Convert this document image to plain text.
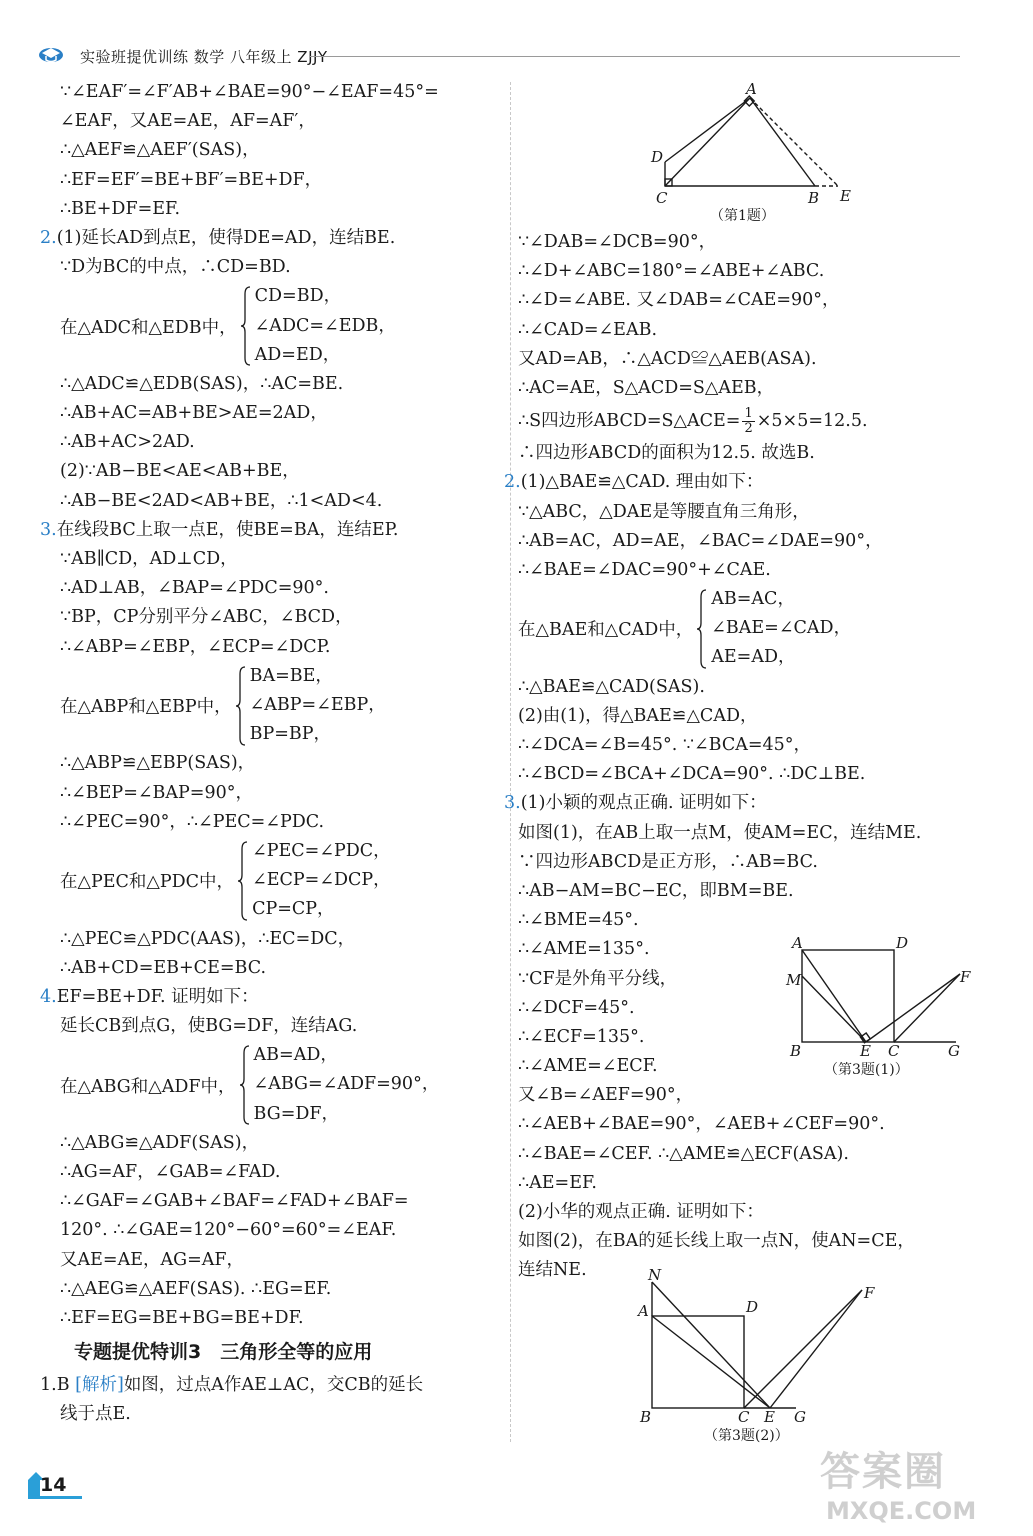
实验班提优训练 数学 八年级上 ZJJY
∵∠EAF′=∠F′AB+∠BAE=90°−∠EAF=45°=
∠EAF，又AE=AE，AF=AF′，
∴△AEF≌△AEF′(SAS)，
∴EF=EF′=BE+BF′=BE+DF，
∴BE+DF=EF.
2.(1)延长AD到点E，使得DE=AD，连结BE.
∵D为BC的中点，∴CD=BD.
在△ADC和△EDB中，
CD=BD，
∠ADC=∠EDB，
AD=ED，
∴△ADC≌△EDB(SAS)，∴AC=BE.
∴AB+AC=AB+BE>AE=2AD，
∴AB+AC>2AD.
(2)∵AB−BE<AE<AB+BE，
∴AB−BE<2AD<AB+BE，∴1<AD<4.
3.在线段BC上取一点E，使BE=BA，连结EP.
∵AB∥CD，AD⊥CD，
∴AD⊥AB，∠BAP=∠PDC=90°.
∵BP，CP分别平分∠ABC，∠BCD，
∴∠ABP=∠EBP，∠ECP=∠DCP.
在△ABP和△EBP中，
BA=BE，
∠ABP=∠EBP，
BP=BP，
∴△ABP≌△EBP(SAS)，
∴∠BEP=∠BAP=90°，
∴∠PEC=90°，∴∠PEC=∠PDC.
在△PEC和△PDC中，
∠PEC=∠PDC，
∠ECP=∠DCP，
CP=CP，
∴△PEC≌△PDC(AAS)，∴EC=DC，
∴AB+CD=EB+CE=BC.
4.EF=BE+DF. 证明如下：
延长CB到点G，使BG=DF，连结AG.
在△ABG和△ADF中，
AB=AD，
∠ABG=∠ADF=90°，
BG=DF，
∴△ABG≌△ADF(SAS)，
∴AG=AF，∠GAB=∠FAD.
∴∠GAF=∠GAB+∠BAF=∠FAD+∠BAF=
120°. ∴∠GAE=120°−60°=60°=∠EAF.
又AE=AE，AG=AF，
∴△AEG≌△AEF(SAS). ∴EG=EF.
∴EF=EG=BE+BG=BE+DF.
专题提优特训3　三角形全等的应用
1.B [解析]如图，过点A作AE⊥AC，交CB的延长
线于点E.
A
D
C	B E
（第1题）
∵∠DAB=∠DCB=90°，
∴∠D+∠ABC=180°=∠ABE+∠ABC.
∴∠D=∠ABE. 又∠DAB=∠CAE=90°，
∴∠CAD=∠EAB.
又AD=AB，∴△ACD≌△AEB(ASA).
∴AC=AE，S△ACD=S△AEB，
∴S四边形ABCD=S△ACE= $\frac{1}{2} \times 5\times 5=12.5$.
∴四边形ABCD的面积为12.5. 故选B.
2.(1)△BAE≌△CAD. 理由如下：
∵△ABC，△DAE是等腰直角三角形，
∴AB=AC，AD=AE，∠BAC=∠DAE=90°，
∴∠BAE=∠DAC=90°+∠CAE.
在△BAE和△CAD中，
AB=AC，
∠BAE=∠CAD，
AE=AD，
∴△BAE≌△CAD(SAS).
(2)由(1)，得△BAE≌△CAD，
∴∠DCA=∠B=45°. ∵∠BCA=45°，
∴∠BCD=∠BCA+∠DCA=90°. ∴DC⊥BE.
3.(1)小颖的观点正确. 证明如下：
如图(1)，在AB上取一点M，使AM=EC，连结ME.
∵四边形ABCD是正方形，∴AB=BC.
∴AB−AM=BC−EC，即BM=BE.
∴∠BME=45°.
∴∠AME=135°.
∵CF是外角平分线，
∴∠DCF=45°.
∴∠ECF=135°.
∴∠AME=∠ECF.
又∠B=∠AEF=90°，
∴∠AEB+∠BAE=90°，∠AEB+∠CEF=90°.
∴∠BAE=∠CEF. ∴△AME≌△ECF(ASA).
∴AE=EF.
(2)小华的观点正确. 证明如下：
如图(2)，在BA的延长线上取一点N，使AN=CE，
连结NE.
A	D
M	F
B	E C	G
（第3题(1)）
N
A	D
F
B	C E G
（第3题(2)）
14	答案圈
MXQE.COM
